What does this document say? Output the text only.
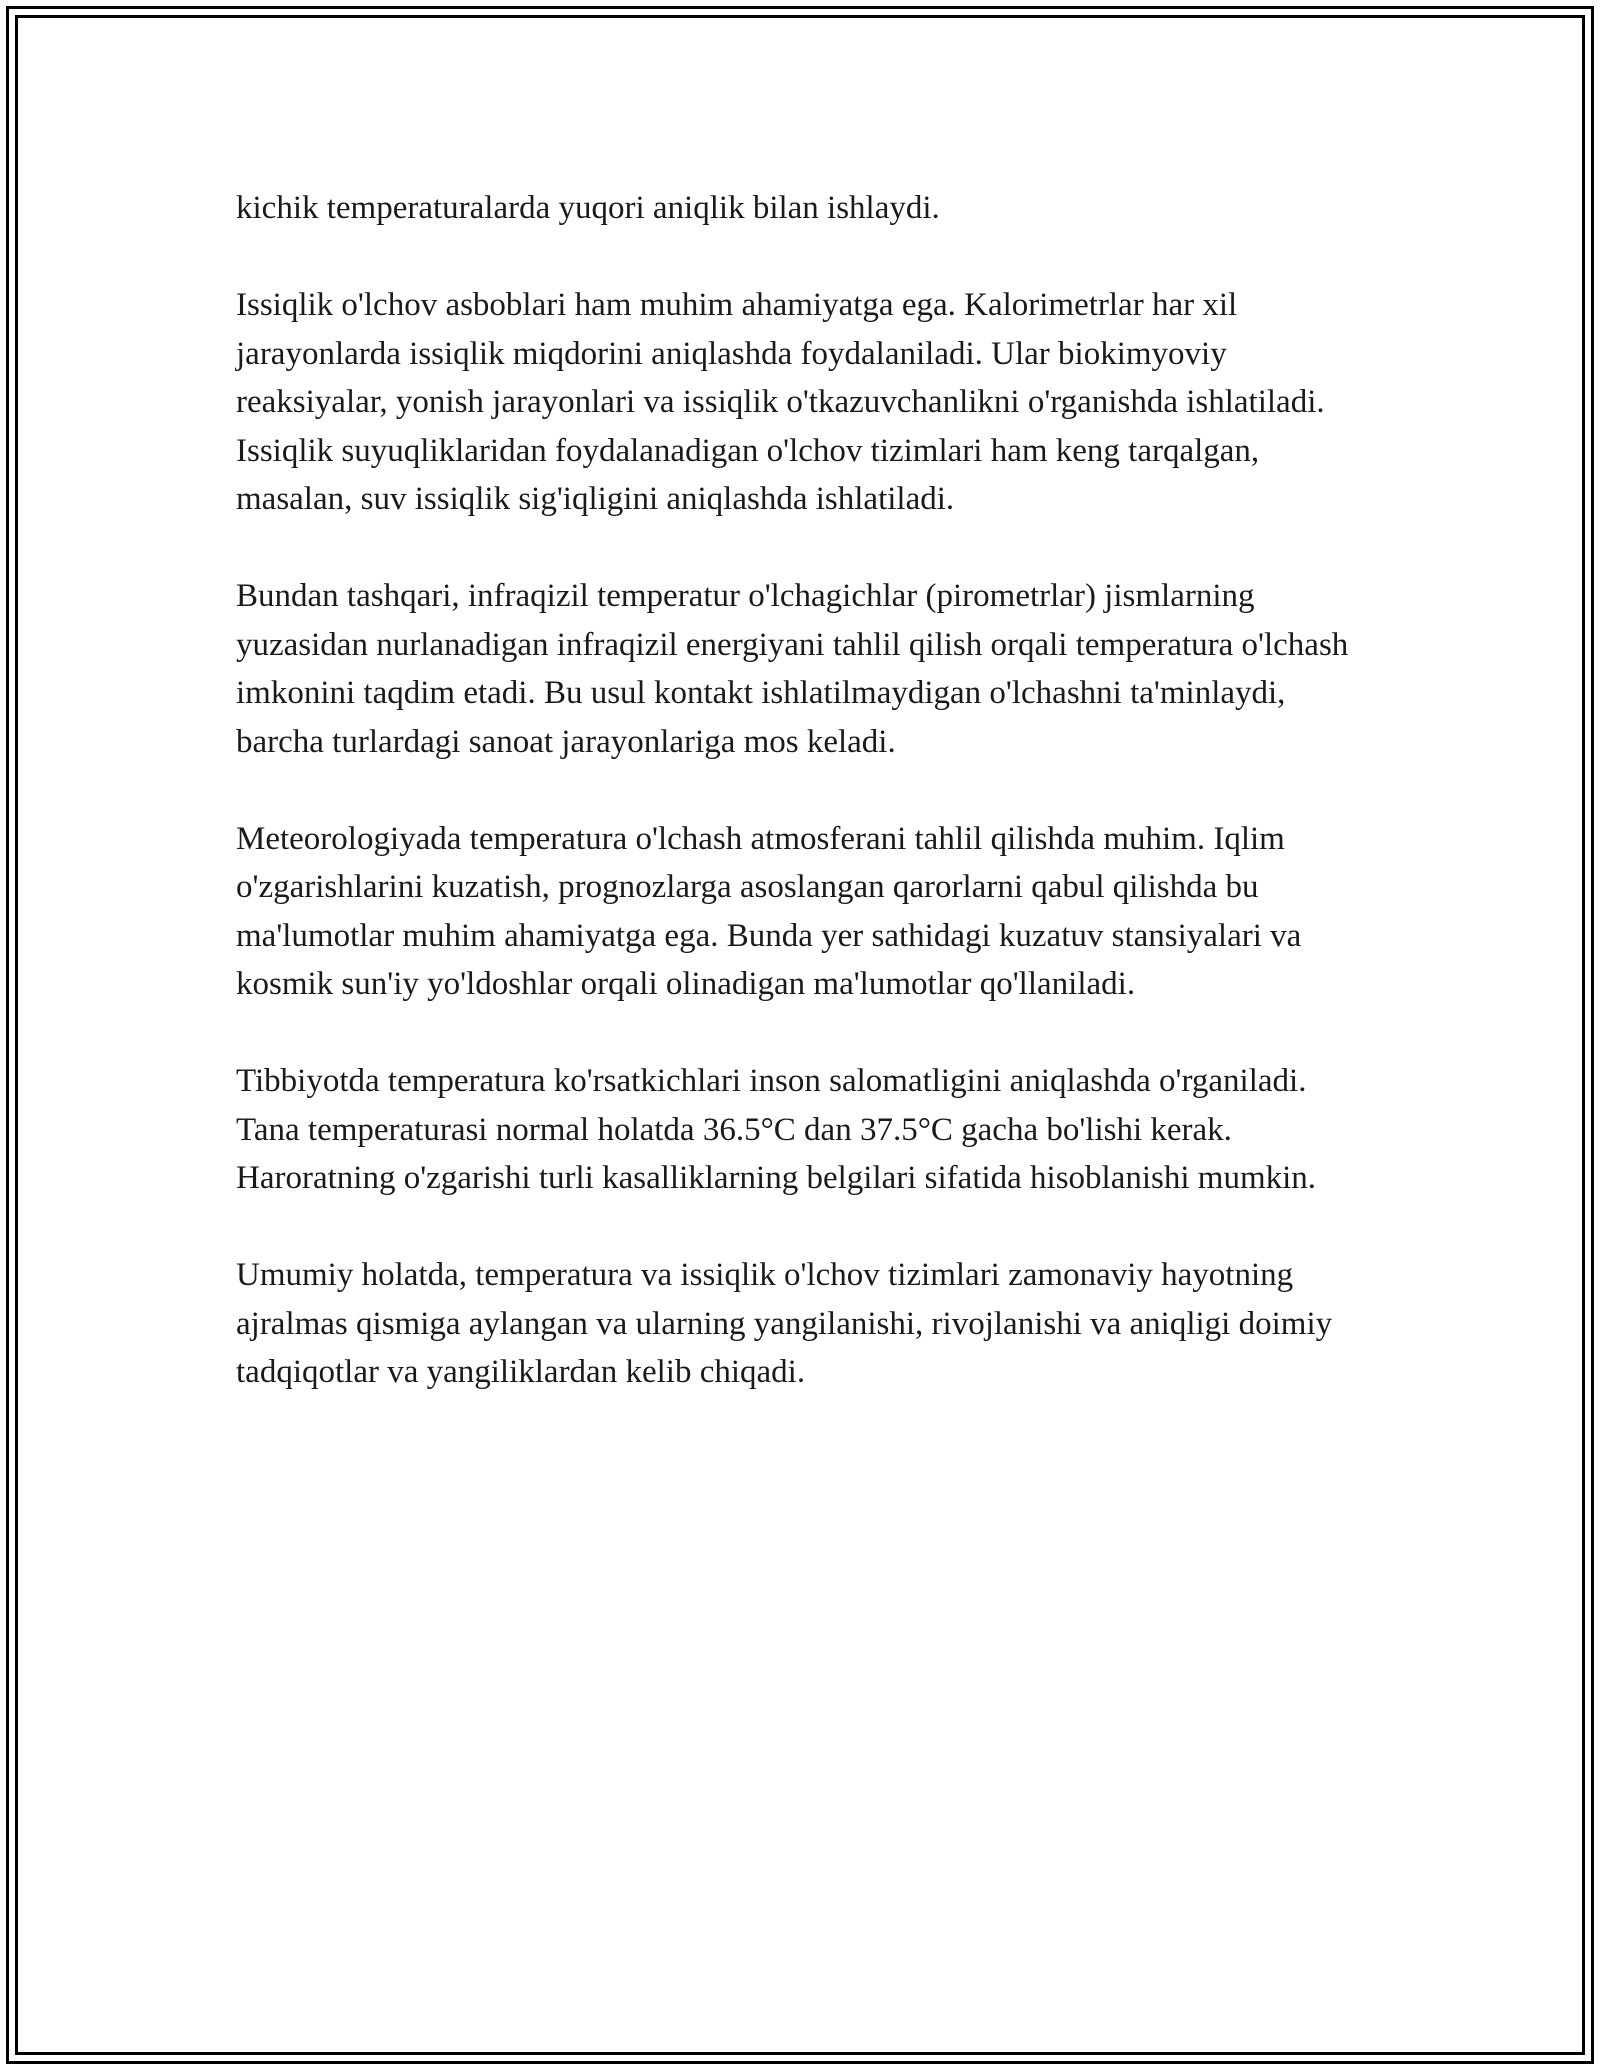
kichik temperaturalarda yuqori aniqlik bilan ishlaydi.

Issiqlik o'lchov asboblari ham muhim ahamiyatga ega. Kalorimetrlar har xil jarayonlarda issiqlik miqdorini aniqlashda foydalaniladi. Ular biokimyoviy reaksiyalar, yonish jarayonlari va issiqlik o'tkazuvchanlikni o'rganishda ishlatiladi. Issiqlik suyuqliklaridan foydalanadigan o'lchov tizimlari ham keng tarqalgan, masalan, suv issiqlik sig'iqligini aniqlashda ishlatiladi.

Bundan tashqari, infraqizil temperatur o'lchagichlar (pirometrlar) jismlarning yuzasidan nurlanadigan infraqizil energiyani tahlil qilish orqali temperatura o'lchash imkonini taqdim etadi. Bu usul kontakt ishlatilmaydigan o'lchashni ta'minlaydi, barcha turlardagi sanoat jarayonlariga mos keladi.

Meteorologiyada temperatura o'lchash atmosferani tahlil qilishda muhim. Iqlim o'zgarishlarini kuzatish, prognozlarga asoslangan qarorlarni qabul qilishda bu ma'lumotlar muhim ahamiyatga ega. Bunda yer sathidagi kuzatuv stansiyalari va kosmik sun'iy yo'ldoshlar orqali olinadigan ma'lumotlar qo'llaniladi.

Tibbiyotda temperatura ko'rsatkichlari inson salomatligini aniqlashda o'rganiladi. Tana temperaturasi normal holatda 36.5°C dan 37.5°C gacha bo'lishi kerak. Haroratning o'zgarishi turli kasalliklarning belgilari sifatida hisoblanishi mumkin.

Umumiy holatda, temperatura va issiqlik o'lchov tizimlari zamonaviy hayotning ajralmas qismiga aylangan va ularning yangilanishi, rivojlanishi va aniqligi doimiy tadqiqotlar va yangiliklardan kelib chiqadi.
